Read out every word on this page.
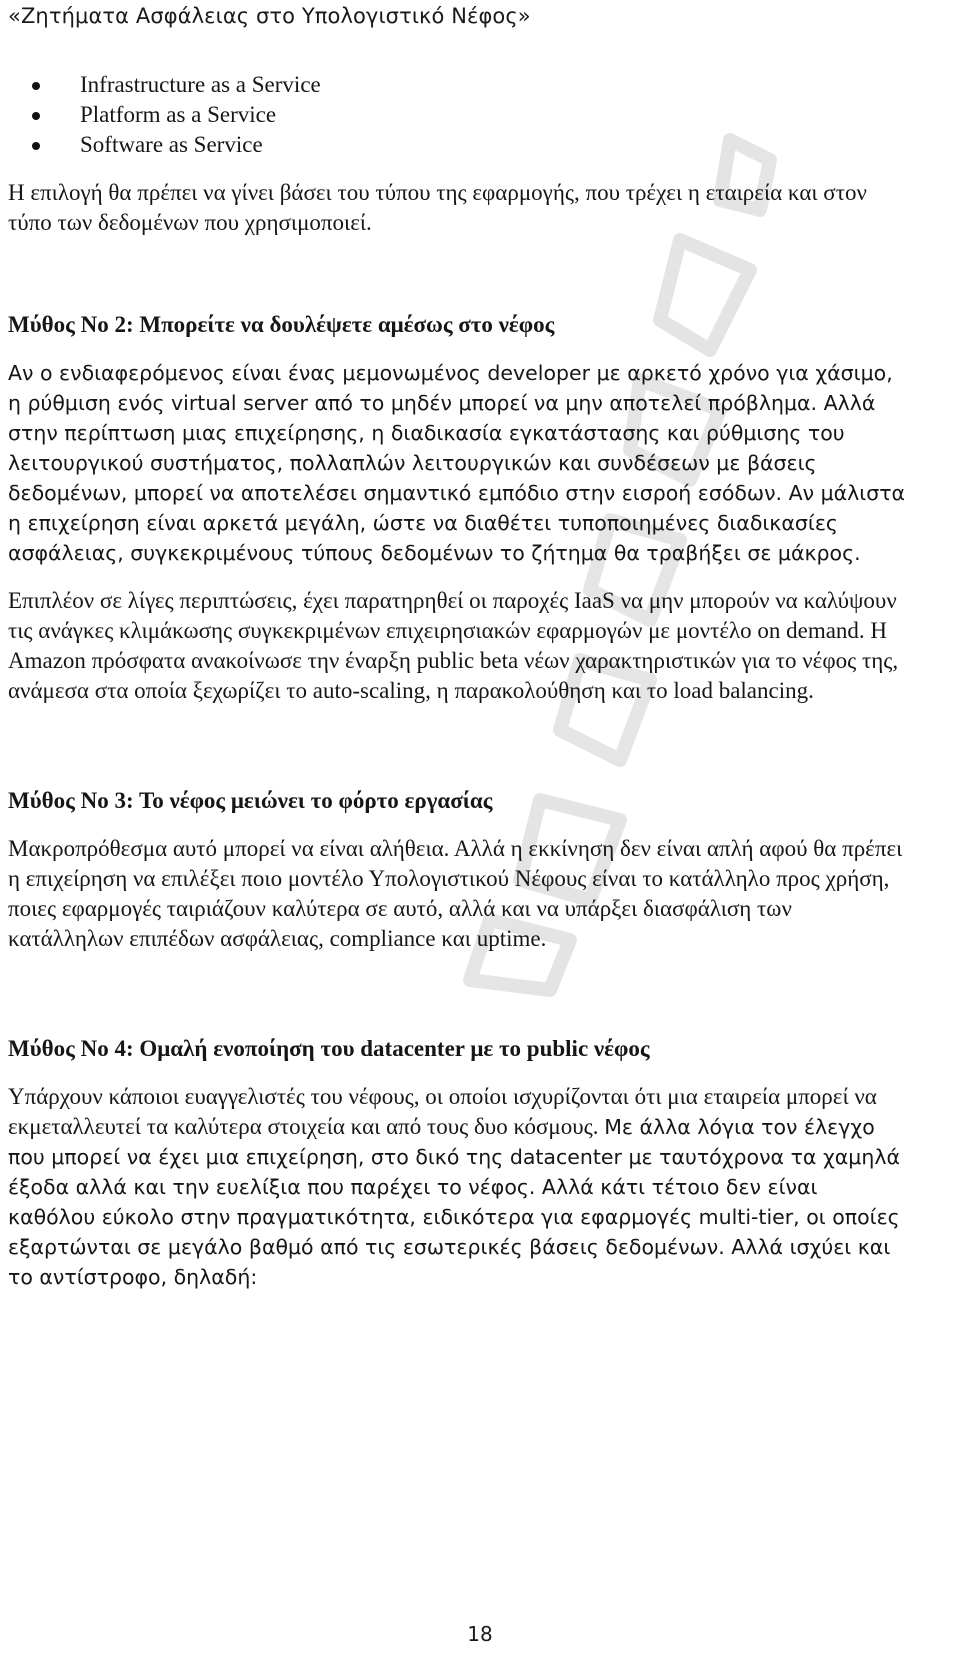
«Ζητήματα Ασφάλειας στο Υπολογιστικό Νέφος»
Infrastructure as a Service
Platform as a Service
Software as Service

Η επιλογή θα πρέπει να γίνει βάσει του τύπου της εφαρμογής, που τρέχει η εταιρεία και στον τύπο των δεδομένων που χρησιμοποιεί.

Μύθος Νο 2: Μπορείτε να δουλέψετε αμέσως στο νέφος

Αν ο ενδιαφερόμενος είναι ένας μεμονωμένος developer με αρκετό χρόνο για χάσιμο, η ρύθμιση ενός virtual server από το μηδέν μπορεί να μην αποτελεί πρόβλημα. Αλλά στην περίπτωση μιας επιχείρησης, η διαδικασία εγκατάστασης και ρύθμισης του λειτουργικού συστήματος, πολλαπλών λειτουργικών και συνδέσεων με βάσεις δεδομένων, μπορεί να αποτελέσει σημαντικό εμπόδιο στην εισροή εσόδων. Αν μάλιστα η επιχείρηση είναι αρκετά μεγάλη, ώστε να διαθέτει τυποποιημένες διαδικασίες ασφάλειας, συγκεκριμένους τύπους δεδομένων το ζήτημα θα τραβήξει σε μάκρος.

Επιπλέον σε λίγες περιπτώσεις, έχει παρατηρηθεί οι παροχές IaaS να μην μπορούν να καλύψουν τις ανάγκες κλιμάκωσης συγκεκριμένων επιχειρησιακών εφαρμογών με μοντέλο on demand. Η Amazon πρόσφατα ανακοίνωσε την έναρξη public beta νέων χαρακτηριστικών για το νέφος της, ανάμεσα στα οποία ξεχωρίζει το auto-scaling, η παρακολούθηση και το load balancing.

Μύθος Νο 3: Το νέφος μειώνει το φόρτο εργασίας

Μακροπρόθεσμα αυτό μπορεί να είναι αλήθεια. Αλλά η εκκίνηση δεν είναι απλή αφού θα πρέπει η επιχείρηση να επιλέξει ποιο μοντέλο Υπολογιστικού Νέφους είναι το κατάλληλο προς χρήση, ποιες εφαρμογές ταιριάζουν καλύτερα σε αυτό, αλλά και να υπάρξει διασφάλιση των κατάλληλων επιπέδων ασφάλειας, compliance και uptime.

Μύθος Νο 4: Ομαλή ενοποίηση του datacenter με το public νέφος

Υπάρχουν κάποιοι ευαγγελιστές του νέφους, οι οποίοι ισχυρίζονται ότι μια εταιρεία μπορεί να εκμεταλλευτεί τα καλύτερα στοιχεία και από τους δυο κόσμους. Με άλλα λόγια τον έλεγχο που μπορεί να έχει μια επιχείρηση, στο δικό της datacenter με ταυτόχρονα τα χαμηλά έξοδα αλλά και την ευελίξια που παρέχει το νέφος. Αλλά κάτι τέτοιο δεν είναι καθόλου εύκολο στην πραγματικότητα, ειδικότερα για εφαρμογές multi-tier, οι οποίες εξαρτώνται σε μεγάλο βαθμό από τις εσωτερικές βάσεις δεδομένων. Αλλά ισχύει και το αντίστροφο, δηλαδή:

18
